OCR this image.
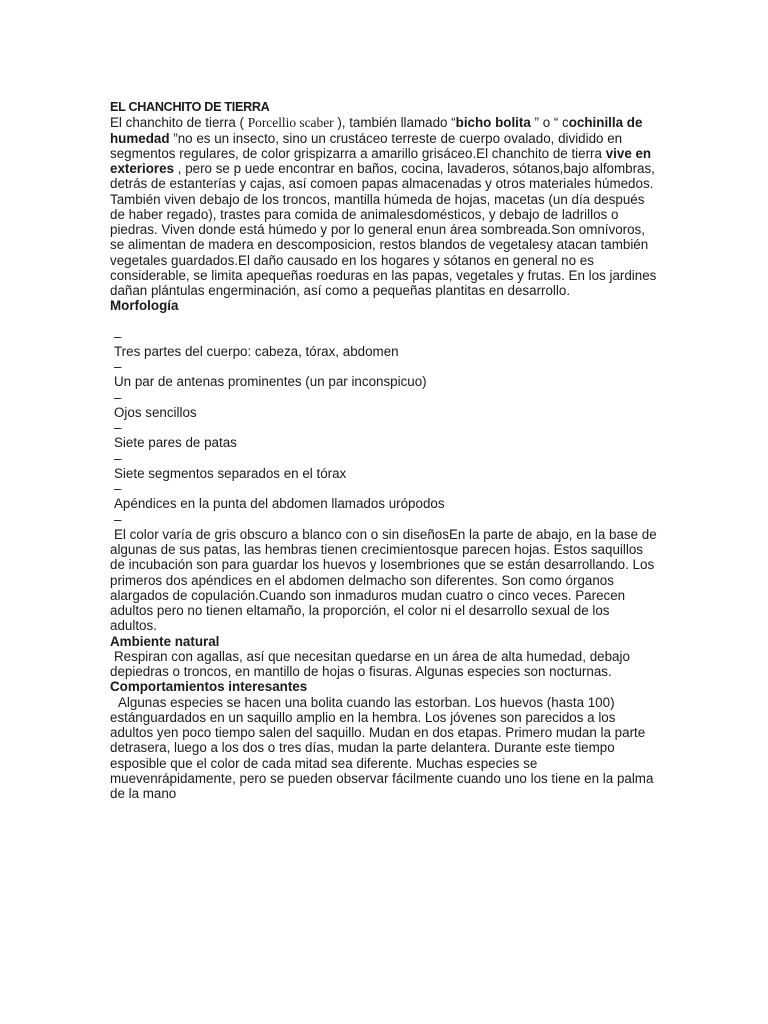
EL CHANCHITO DE TIERRA

El chanchito de tierra ( Porcellio scaber ), también llamado “bicho bolita ” o “ cochinilla de humedad ”no es un insecto, sino un crustáceo terreste de cuerpo ovalado, dividido en segmentos regulares, de color grispizarra a amarillo grisáceo.El chanchito de tierra vive en exteriores , pero se p uede encontrar en baños, cocina, lavaderos, sótanos,bajo alfombras, detrás de estanterías y cajas, así comoen papas almacenadas y otros materiales húmedos. También viven debajo de los troncos, mantilla húmeda de hojas, macetas (un día después de haber regado), trastes para comida de animalesdomésticos, y debajo de ladrillos o piedras. Viven donde está húmedo y por lo general enun área sombreada.Son omnívoros, se alimentan de madera en descomposicion, restos blandos de vegetalesy atacan también vegetales guardados.El daño causado en los hogares y sótanos en general no es considerable, se limita apequeñas roeduras en las papas, vegetales y frutas. En los jardines dañan plántulas engerminación, así como a pequeñas plantitas en desarrollo.

Morfología
–
Tres partes del cuerpo: cabeza, tórax, abdomen
–
Un par de antenas prominentes (un par inconspicuo)
–
Ojos sencillos
–
Siete pares de patas
–
Siete segmentos separados en el tórax
–
Apéndices en la punta del abdomen llamados urópodos
–

El color varía de gris obscuro a blanco con o sin diseñosEn la parte de abajo, en la base de algunas de sus patas, las hembras tienen crecimientosque parecen hojas. Estos saquillos de incubación son para guardar los huevos y losembriones que se están desarrollando. Los primeros dos apéndices en el abdomen delmacho son diferentes. Son como órganos alargados de copulación.Cuando son inmaduros mudan cuatro o cinco veces. Parecen adultos pero no tienen eltamaño, la proporción, el color ni el desarrollo sexual de los adultos.

Ambiente natural

Respiran con agallas, así que necesitan quedarse en un área de alta humedad, debajo depiedras o troncos, en mantillo de hojas o fisuras. Algunas especies son nocturnas.

Comportamientos interesantes

Algunas especies se hacen una bolita cuando las estorban. Los huevos (hasta 100) estánguardados en un saquillo amplio en la hembra. Los jóvenes son parecidos a los adultos yen poco tiempo salen del saquillo. Mudan en dos etapas. Primero mudan la parte detrasera, luego a los dos o tres días, mudan la parte delantera. Durante este tiempo esposible que el color de cada mitad sea diferente. Muchas especies se muevenrápidamente, pero se pueden observar fácilmente cuando uno los tiene en la palma de la mano
